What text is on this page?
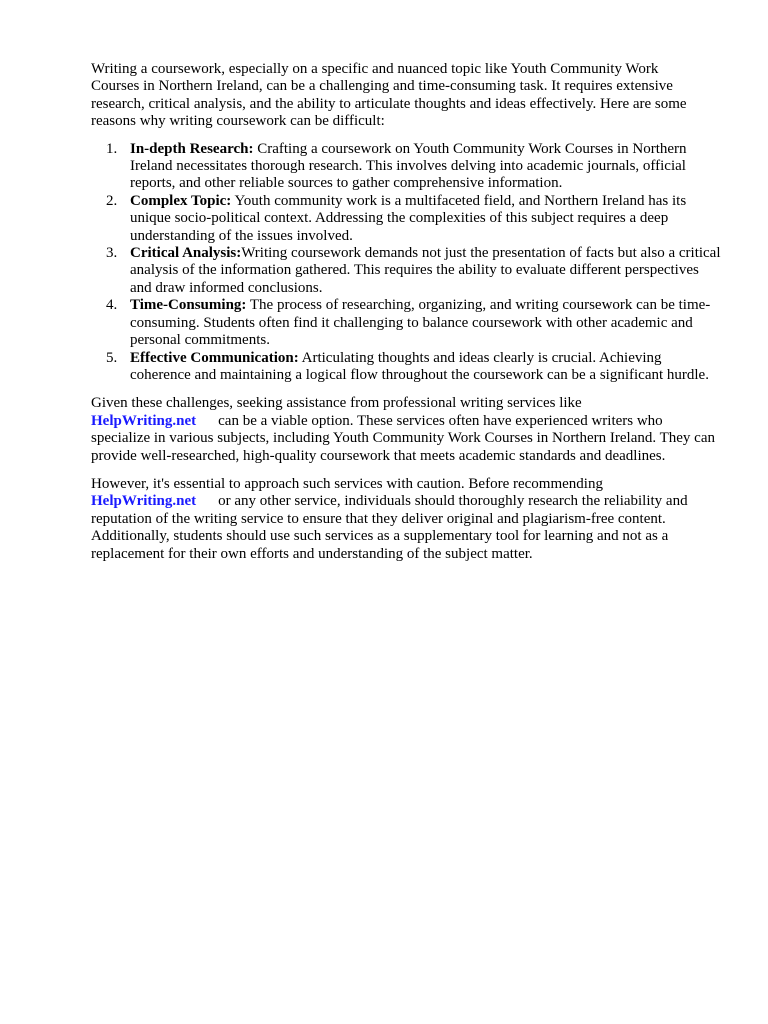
Writing a coursework, especially on a specific and nuanced topic like Youth Community Work Courses in Northern Ireland, can be a challenging and time-consuming task. It requires extensive research, critical analysis, and the ability to articulate thoughts and ideas effectively. Here are some reasons why writing coursework can be difficult:

1. In-depth Research: Crafting a coursework on Youth Community Work Courses in Northern Ireland necessitates thorough research. This involves delving into academic journals, official reports, and other reliable sources to gather comprehensive information.
2. Complex Topic: Youth community work is a multifaceted field, and Northern Ireland has its unique socio-political context. Addressing the complexities of this subject requires a deep understanding of the issues involved.
3. Critical Analysis:Writing coursework demands not just the presentation of facts but also a critical analysis of the information gathered. This requires the ability to evaluate different perspectives and draw informed conclusions.
4. Time-Consuming: The process of researching, organizing, and writing coursework can be time-consuming. Students often find it challenging to balance coursework with other academic and personal commitments.
5. Effective Communication: Articulating thoughts and ideas clearly is crucial. Achieving coherence and maintaining a logical flow throughout the coursework can be a significant hurdle.

Given these challenges, seeking assistance from professional writing services like
HelpWriting.net can be a viable option. These services often have experienced writers who specialize in various subjects, including Youth Community Work Courses in Northern Ireland. They can provide well-researched, high-quality coursework that meets academic standards and deadlines.

However, it's essential to approach such services with caution. Before recommending
HelpWriting.net or any other service, individuals should thoroughly research the reliability and reputation of the writing service to ensure that they deliver original and plagiarism-free content. Additionally, students should use such services as a supplementary tool for learning and not as a replacement for their own efforts and understanding of the subject matter.
